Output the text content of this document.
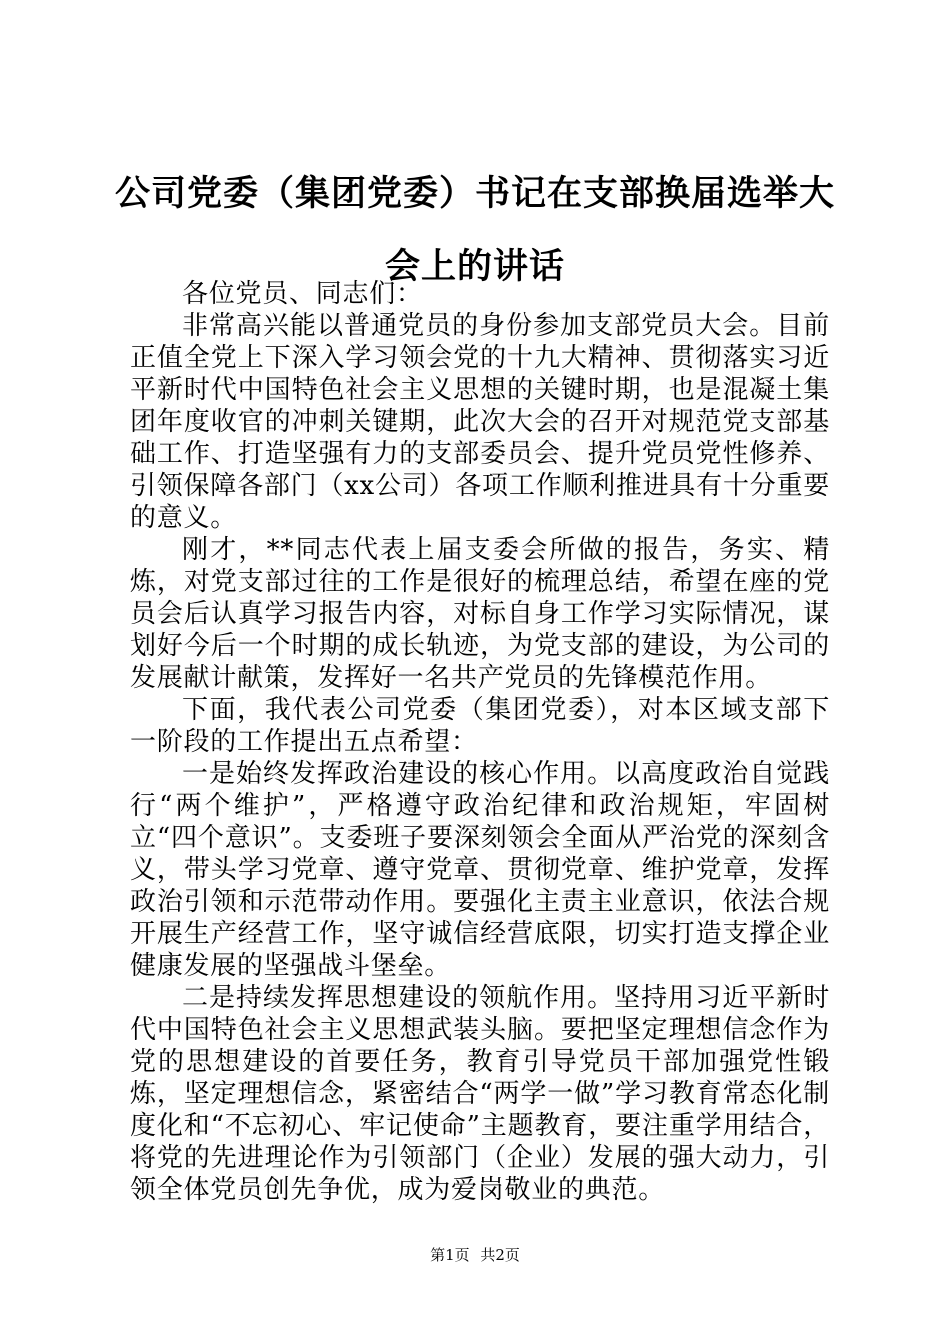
公司党委（集团党委）书记在支部换届选举大会上的讲话

各位党员、同志们：

非常高兴能以普通党员的身份参加支部党员大会。目前正值全党上下深入学习领会党的十九大精神、贯彻落实习近平新时代中国特色社会主义思想的关键时期，也是混凝土集团年度收官的冲刺关键期，此次大会的召开对规范党支部基础工作、打造坚强有力的支部委员会、提升党员党性修养、引领保障各部门（xx公司）各项工作顺利推进具有十分重要的意义。

刚才，**同志代表上届支委会所做的报告，务实、精炼，对党支部过往的工作是很好的梳理总结，希望在座的党员会后认真学习报告内容，对标自身工作学习实际情况，谋划好今后一个时期的成长轨迹，为党支部的建设，为公司的发展献计献策，发挥好一名共产党员的先锋模范作用。

下面，我代表公司党委（集团党委），对本区域支部下一阶段的工作提出五点希望：

一是始终发挥政治建设的核心作用。以高度政治自觉践行“两个维护”，严格遵守政治纪律和政治规矩，牢固树立“四个意识”。支委班子要深刻领会全面从严治党的深刻含义，带头学习党章、遵守党章、贯彻党章、维护党章，发挥政治引领和示范带动作用。要强化主责主业意识，依法合规开展生产经营工作，坚守诚信经营底限，切实打造支撑企业健康发展的坚强战斗堡垒。

二是持续发挥思想建设的领航作用。坚持用习近平新时代中国特色社会主义思想武装头脑。要把坚定理想信念作为党的思想建设的首要任务，教育引导党员干部加强党性锻炼，坚定理想信念，紧密结合“两学一做”学习教育常态化制度化和“不忘初心、牢记使命”主题教育，要注重学用结合，将党的先进理论作为引领部门（企业）发展的强大动力，引领全体党员创先争优，成为爱岗敬业的典范。

第1页 共2页
